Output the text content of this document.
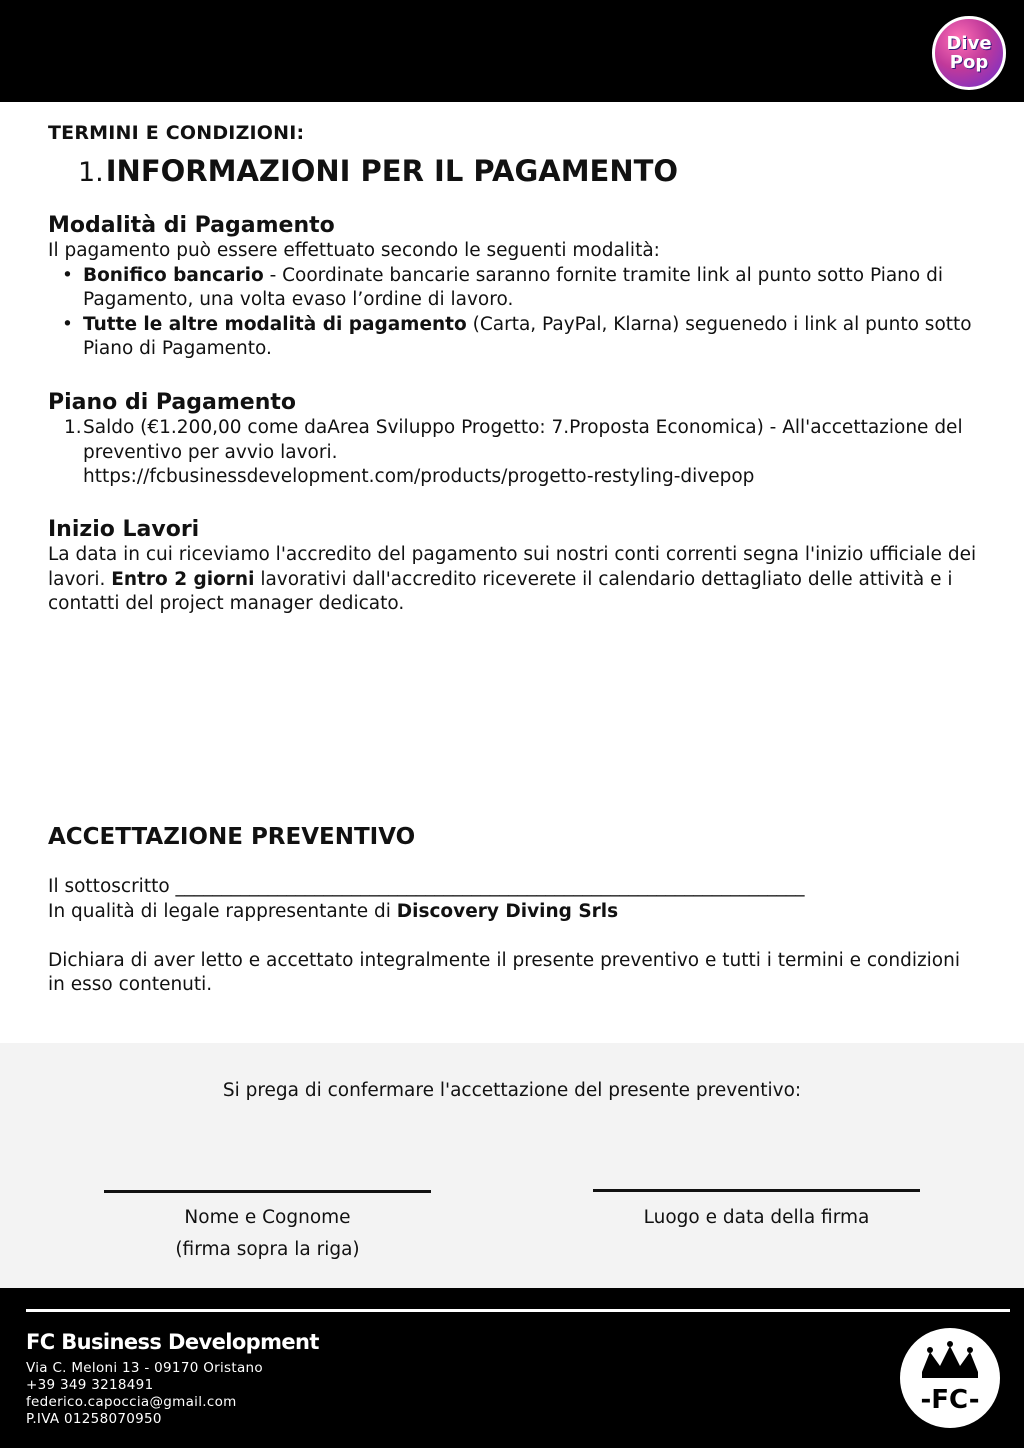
Dive
Pop
TERMINI E CONDIZIONI:
1. INFORMAZIONI PER IL PAGAMENTO
Modalità di Pagamento
Il pagamento può essere effettuato secondo le seguenti modalità:
• Bonifico bancario - Coordinate bancarie saranno fornite tramite link al punto sotto Piano di Pagamento, una volta evaso l’ordine di lavoro.
• Tutte le altre modalità di pagamento (Carta, PayPal, Klarna) seguenedo i link al punto sotto Piano di Pagamento.
Piano di Pagamento
1. Saldo (€1.200,00 come daArea Sviluppo Progetto: 7.Proposta Economica) - All'accettazione del preventivo per avvio lavori.
https://fcbusinessdevelopment.com/products/progetto-restyling-divepop
Inizio Lavori
La data in cui riceviamo l'accredito del pagamento sui nostri conti correnti segna l'inizio ufficiale dei lavori. Entro 2 giorni lavorativi dall'accredito riceverete il calendario dettagliato delle attività e i contatti del project manager dedicato.
ACCETTAZIONE PREVENTIVO
Il sottoscritto ____________________________________________________________________
In qualità di legale rappresentante di Discovery Diving Srls
Dichiara di aver letto e accettato integralmente il presente preventivo e tutti i termini e condizioni in esso contenuti.
Si prega di confermare l'accettazione del presente preventivo:
Nome e Cognome
(firma sopra la riga)
Luogo e data della firma
FC Business Development
Via C. Meloni 13 - 09170 Oristano
+39 349 3218491
federico.capoccia@gmail.com
P.IVA 01258070950
-FC-
